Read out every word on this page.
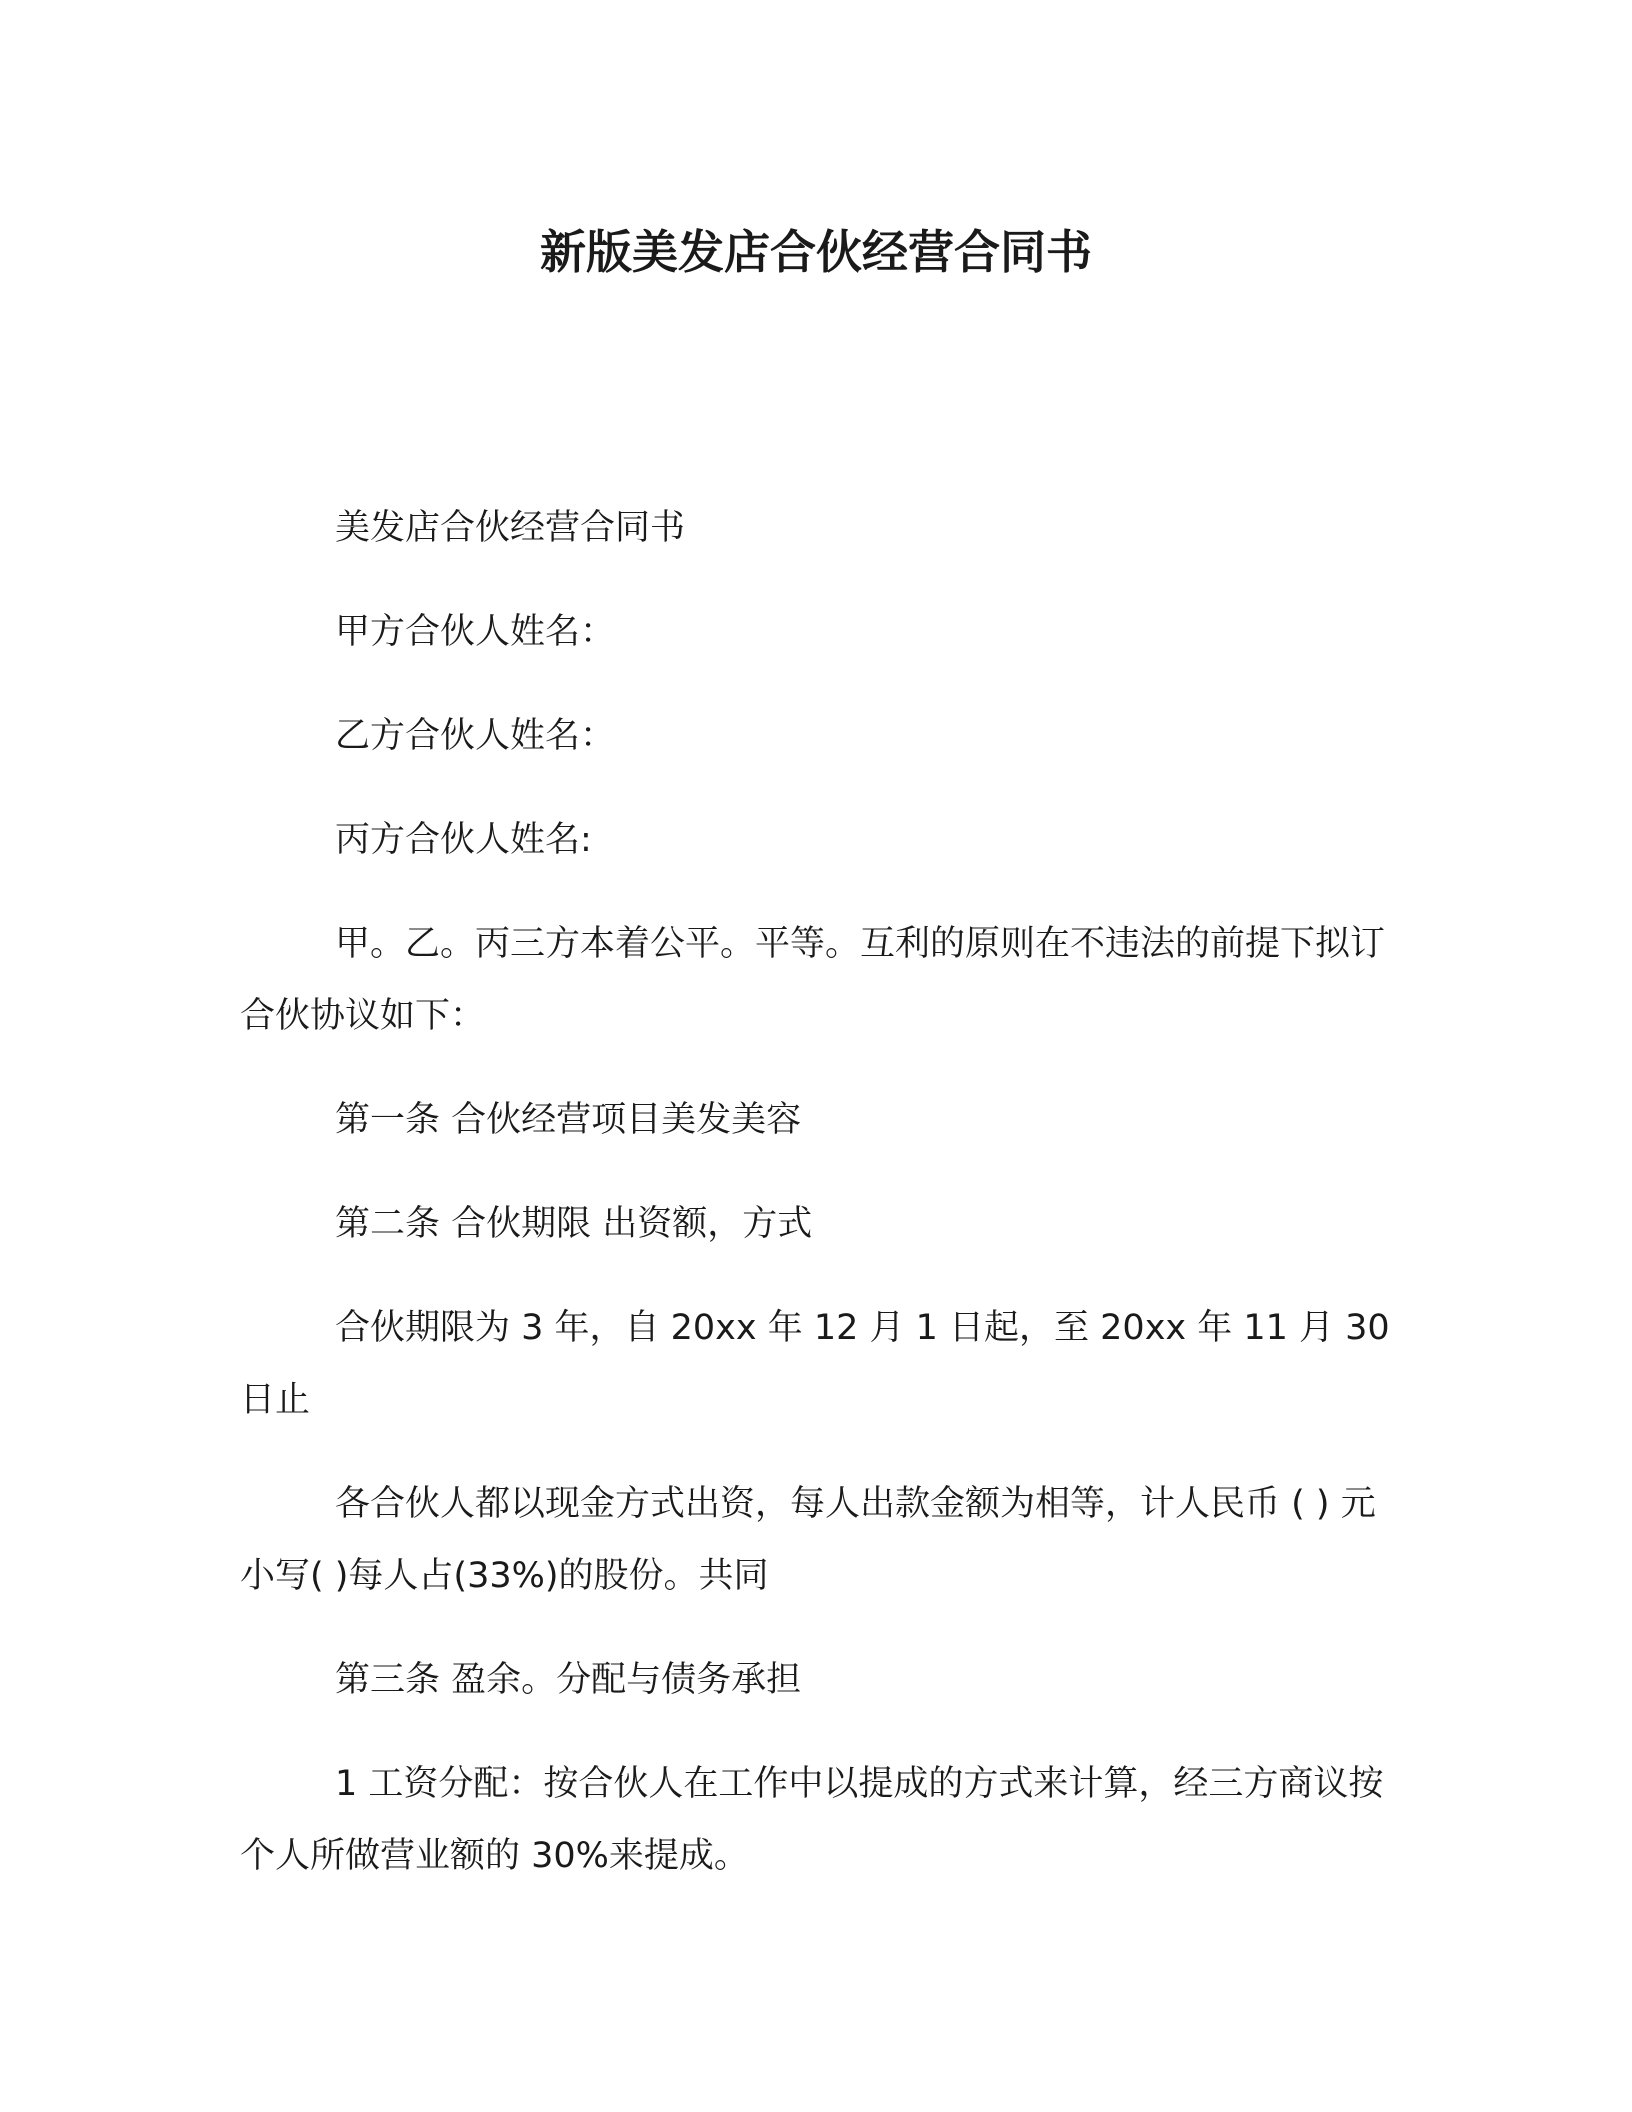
新版美发店合伙经营合同书

美发店合伙经营合同书

甲方合伙人姓名：

乙方合伙人姓名：

丙方合伙人姓名:

甲。乙。丙三方本着公平。平等。互利的原则在不违法的前提下拟订合伙协议如下：

第一条 合伙经营项目美发美容

第二条 合伙期限 出资额，方式

合伙期限为 3 年，自 20xx 年 12 月 1 日起，至 20xx 年 11 月 30 日止

各合伙人都以现金方式出资，每人出款金额为相等，计人民币 ( ) 元小写( )每人占(33%)的股份。共同

第三条 盈余。分配与债务承担

1 工资分配：按合伙人在工作中以提成的方式来计算，经三方商议按个人所做营业额的 30%来提成。
